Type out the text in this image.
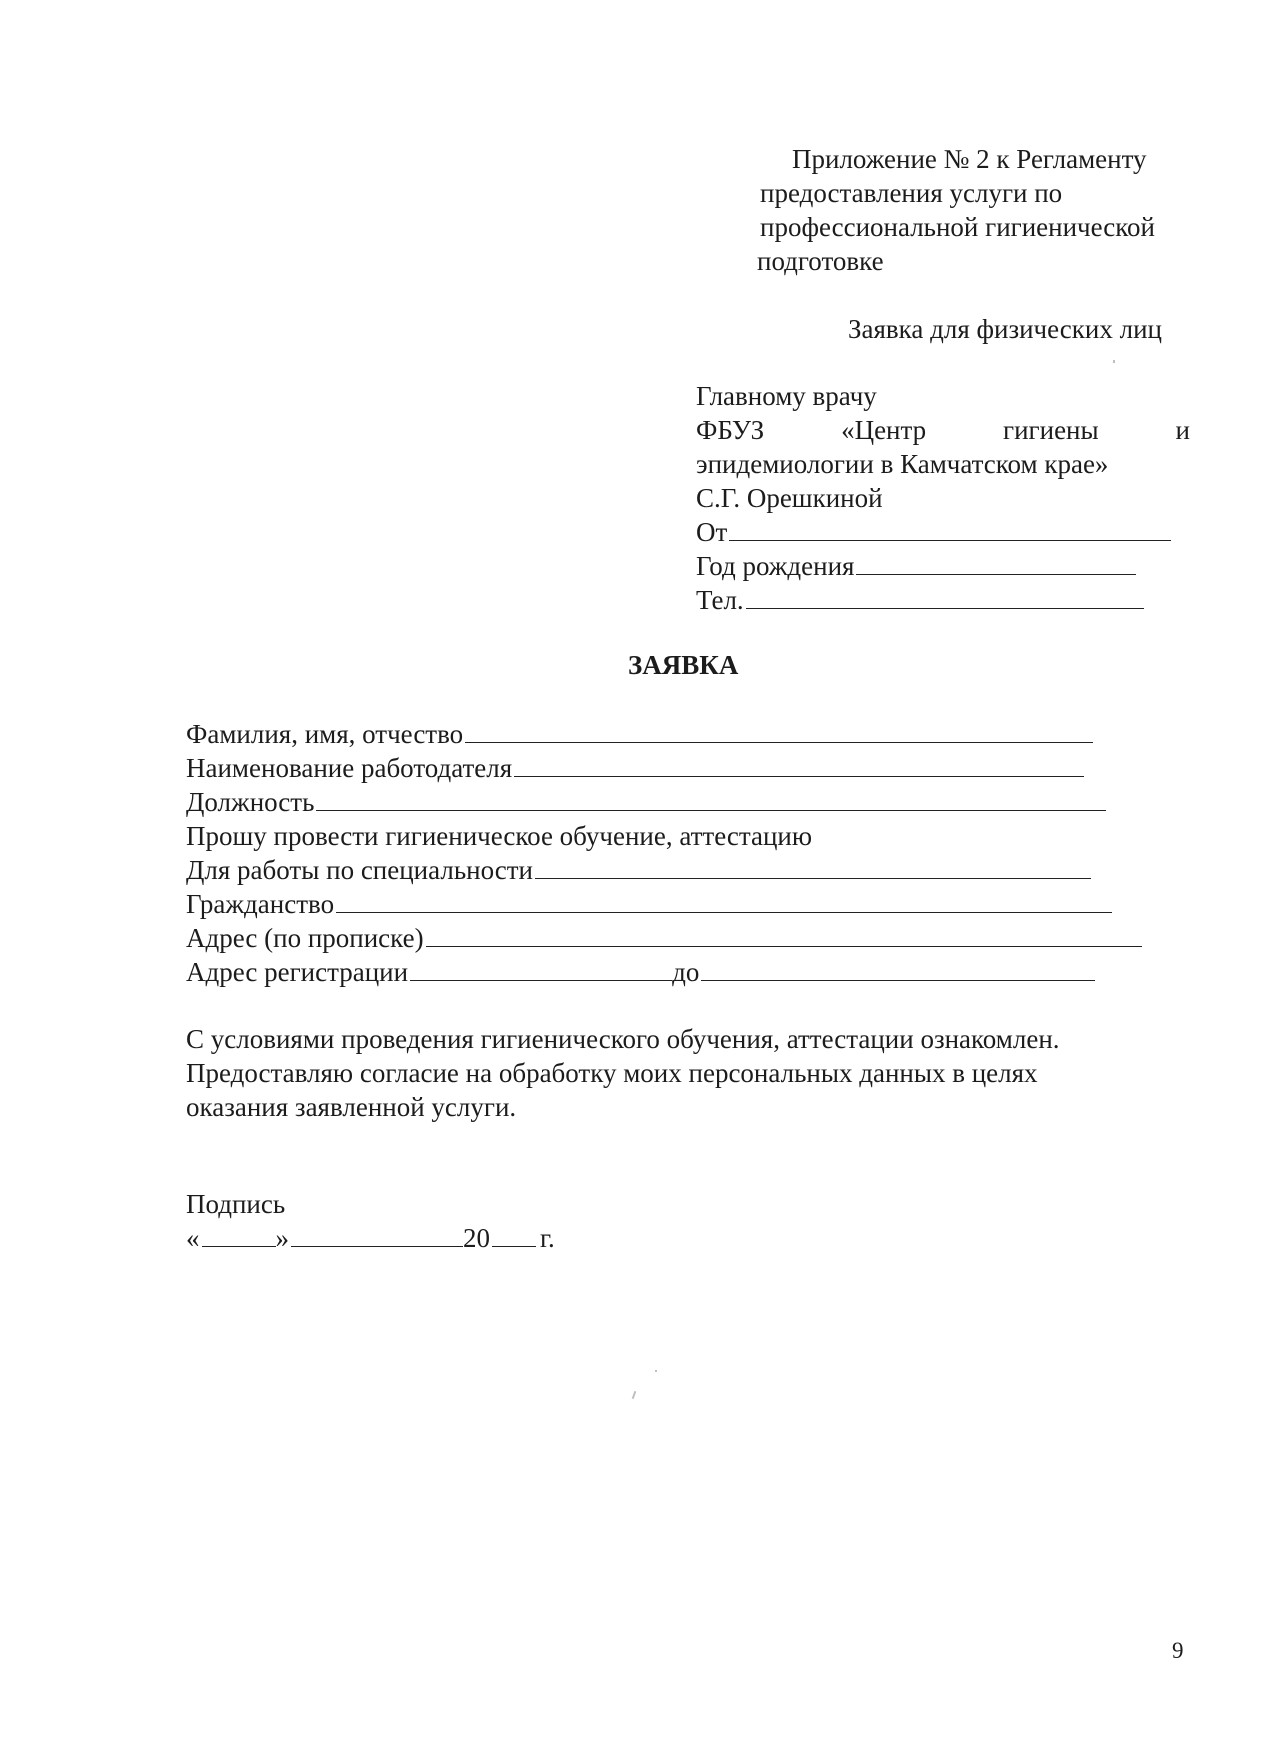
Приложение № 2 к Регламенту
предоставления услуги по
профессиональной гигиенической
подготовке
Заявка для физических лиц
Главному врачу
ФБУЗ	«Центр	гигиены	и
эпидемиологии в Камчатском крае»
С.Г. Орешкиной
От
Год рождения
Тел.
ЗАЯВКА
Фамилия, имя, отчество
Наименование работодателя
Должность
Прошу провести гигиеническое обучение, аттестацию
Для работы по специальности
Гражданство
Адрес (по прописке)
Адрес регистрации	до
С условиями проведения гигиенического обучения, аттестации ознакомлен.
Предоставляю согласие на обработку моих персональных данных в целях
оказания заявленной услуги.
Подпись
«	»	20 г.
9
